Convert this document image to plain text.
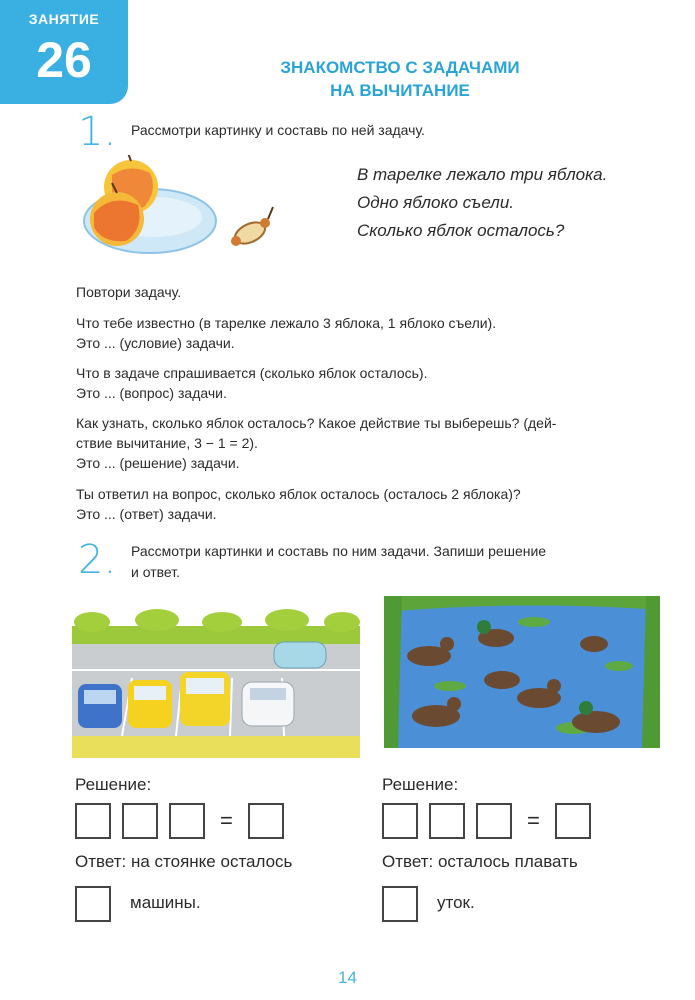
ЗАНЯТИЕ
26	ЗНАКОМСТВО С ЗАДАЧАМИ
НА ВЫЧИТАНИЕ
1. Рассмотри картинку и составь по ней задачу.
В тарелке лежало три яблока.
Одно яблоко съели.
Сколько яблок осталось?
Повтори задачу.
Что тебе известно (в тарелке лежало 3 яблока, 1 яблоко съели).
Это ... (условие) задачи.
Что в задаче спрашивается (сколько яблок осталось).
Это ... (вопрос) задачи.
Как узнать, сколько яблок осталось? Какое действие ты выберешь? (дей-
ствие вычитание, 3 − 1 = 2).
Это ... (решение) задачи.
Ты ответил на вопрос, сколько яблок осталось (осталось 2 яблока)?
Это ... (ответ) задачи.
2. Рассмотри картинки и составь по ним задачи. Запиши решение
и ответ.
Решение:
=
Ответ: на стоянке осталось
машины.
Решение:
=
Ответ: осталось плавать
уток.
14
